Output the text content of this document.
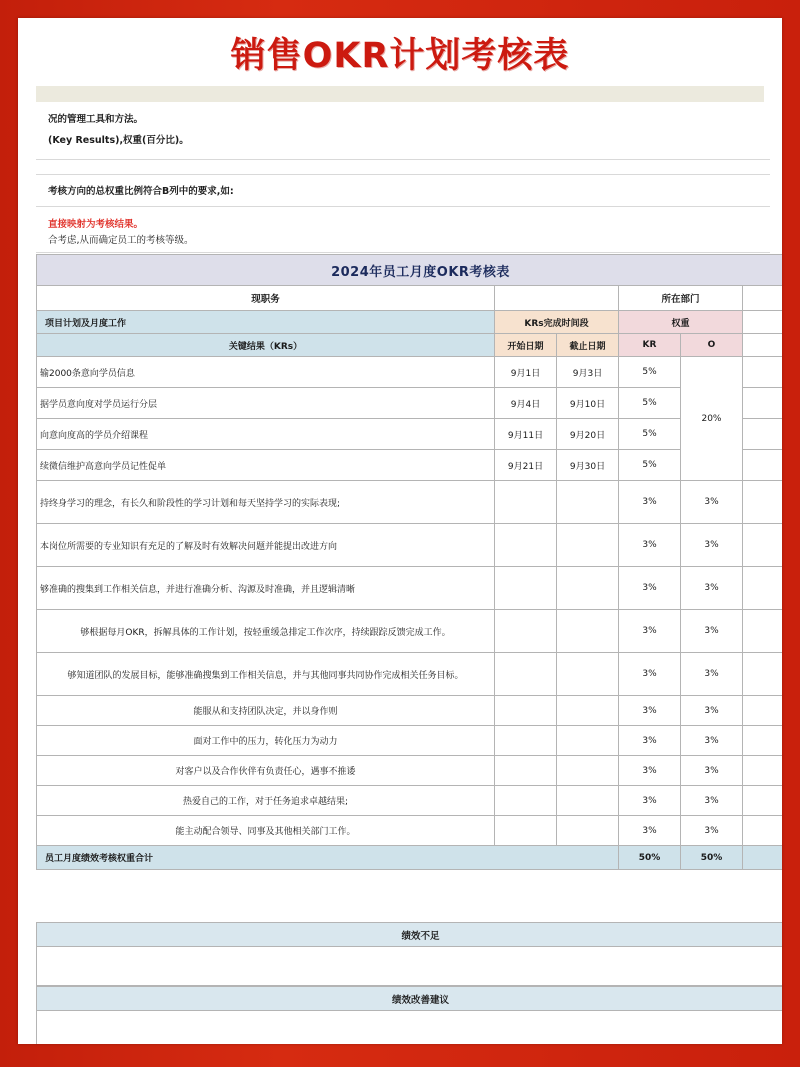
销售OKR计划考核表
况的管理工具和方法。
(Key Results),权重(百分比)。
考核方向的总权重比例符合B列中的要求,如:
直接映射为考核结果。
合考虑,从而确定员工的考核等级。
2024年员工月度OKR考核表					
现职务			所在部门		
项目计划及月度工作	KRs完成时间段		权重		
关键结果（KRs）	开始日期	截止日期	KR	O	
输2000条意向学员信息	9月1日	9月3日	5%	20%	
据学员意向度对学员运行分层	9月4日	9月10日	5%		
向意向度高的学员介绍课程	9月11日	9月20日	5%		
续微信维护高意向学员记性促单	9月21日	9月30日	5%		
持终身学习的理念，有长久和阶段性的学习计划和每天坚持学习的实际表现;			3%	3%	
本岗位所需要的专业知识有充足的了解及时有效解决问题并能提出改进方向			3%	3%	
够准确的搜集到工作相关信息，并进行准确分析、沟源及时准确，并且逻辑清晰			3%	3%	
够根据每月OKR，拆解具体的工作计划，按轻重缓急排定工作次序，持续跟踪反馈完成工作。			3%	3%	
够知道团队的发展目标，能够准确搜集到工作相关信息，并与其他同事共同协作完成相关任务目标。			3%	3%	
能服从和支持团队决定，并以身作则			3%	3%	
面对工作中的压力，转化压力为动力			3%	3%	
对客户以及合作伙伴有负责任心，遇事不推诿			3%	3%	
热爱自己的工作，对于任务追求卓越结果;			3%	3%	
能主动配合领导、同事及其他相关部门工作。			3%	3%	
员工月度绩效考核权重合计			50%	50%	
绩效不足

绩效改善建议
